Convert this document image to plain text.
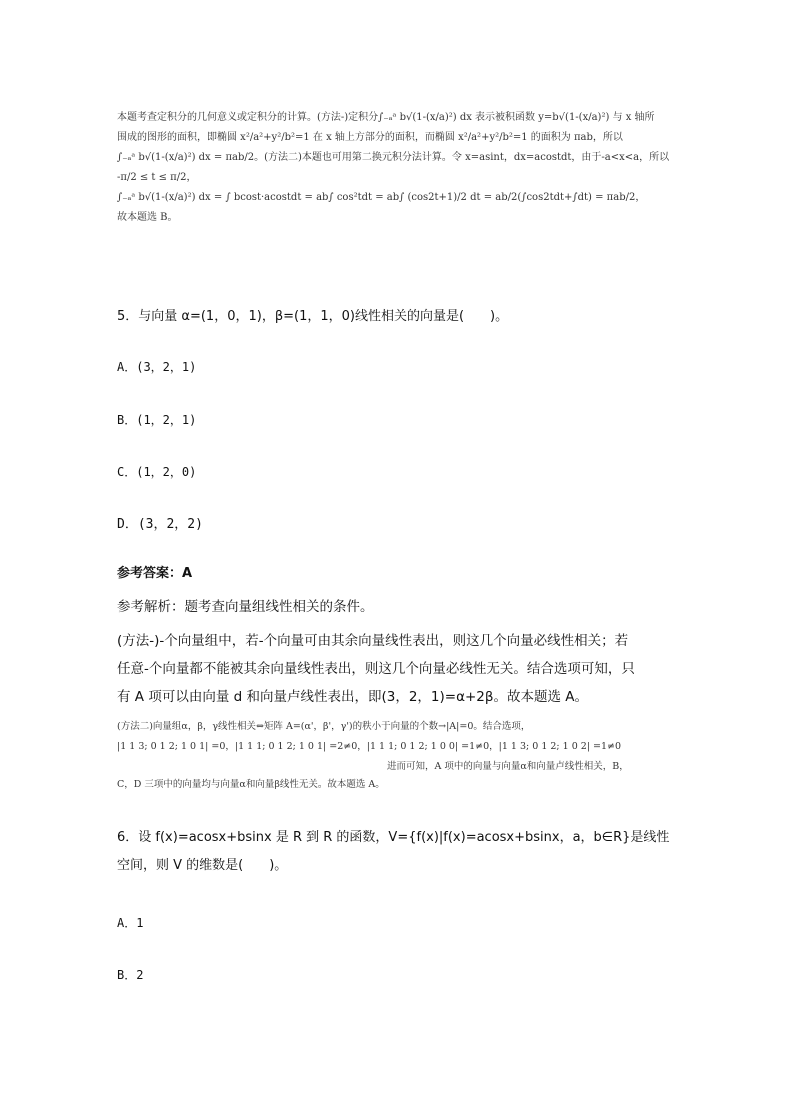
本题考查定积分的几何意义或定积分的计算。(方法-)定积分∫₋ₐᵃ b√(1-(x/a)²) dx 表示被积函数 y=b√(1-(x/a)²) 与 x 轴所
围成的图形的面积，即椭圆 x²/a²+y²/b²=1 在 x 轴上方部分的面积，而椭圆 x²/a²+y²/b²=1 的面积为 πab，所以
∫₋ₐᵃ b√(1-(x/a)²) dx = πab/2。(方法二)本题也可用第二换元积分法计算。令 x=asint，dx=acostdt，由于-a<x<a，所以
-π/2 ≤ t ≤ π/2，
∫₋ₐᵃ b√(1-(x/a)²) dx = ∫ bcost·acostdt = ab∫ cos²tdt = ab∫ (cos2t+1)/2 dt = ab/2(∫cos2tdt+∫dt) = πab/2，
故本题选 B。
5．与向量 α=(1，0，1)，β=(1，1，0)线性相关的向量是(　　)。
A．(3，2，1)
B．(1，2，1)
C．(1，2，0)
D．(3，2，2)
参考答案：A
参考解析：题考查向量组线性相关的条件。
(方法-)-个向量组中，若-个向量可由其余向量线性表出，则这几个向量必线性相关；若
任意-个向量都不能被其余向量线性表出，则这几个向量必线性无关。结合选项可知，只
有 A 项可以由向量 d 和向量卢线性表出，即(3，2，1)=α+2β。故本题选 A。
(方法二)向量组α，β，γ线性相关⇔矩阵 A=(α'，β'，γ')的秩小于向量的个数→|A|=0。结合选项，
|1 1 3; 0 1 2; 1 0 1| =0，|1 1 1; 0 1 2; 1 0 1| =2≠0，|1 1 1; 0 1 2; 1 0 0| =1≠0，|1 1 3; 0 1 2; 1 0 2| =1≠0
进而可知，A 项中的向量与向量α和向量卢线性相关，B，
C，D 三项中的向量均与向量α和向量β线性无关。故本题选 A。
6．设 f(x)=acosx+bsinx 是 R 到 R 的函数，V={f(x)|f(x)=acosx+bsinx，a，b∈R}是线性
空间，则 V 的维数是(　　)。
A．1
B．2
